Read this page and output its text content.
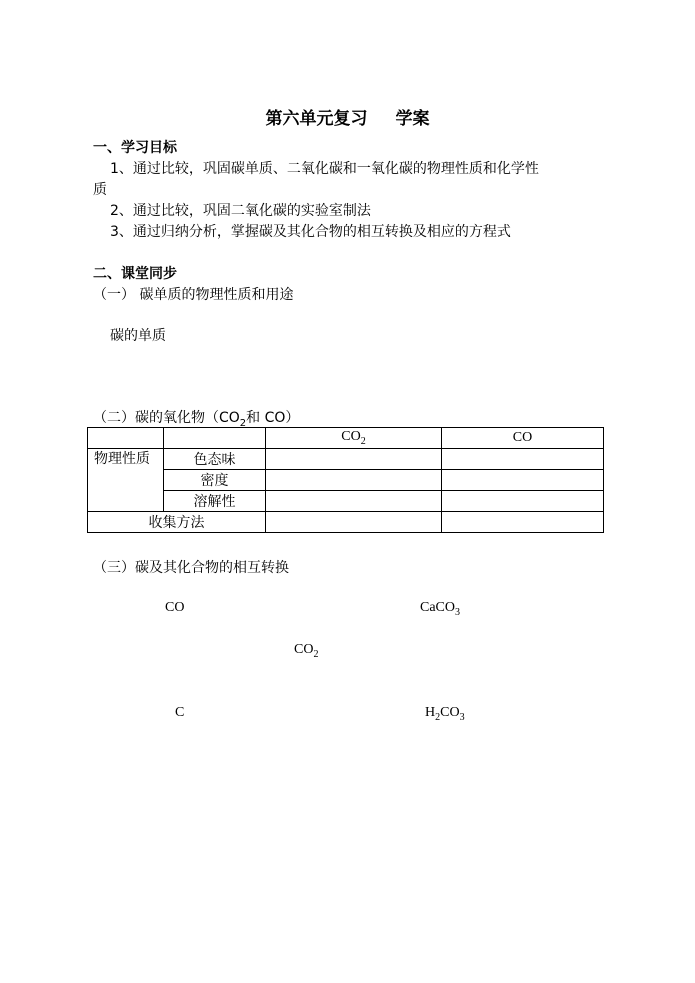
第六单元复习 学案
一、学习目标
1、通过比较，巩固碳单质、二氧化碳和一氧化碳的物理性质和化学性
质
2、通过比较，巩固二氧化碳的实验室制法
3、通过归纳分析，掌握碳及其化合物的相互转换及相应的方程式
二、课堂同步
（一） 碳单质的物理性质和用途
碳的单质
（二）碳的氧化物（$CO_2$和 CO）
		$CO_2$	CO
物理性质	色态味		
	密度		
	溶解性		
收集方法			
（三）碳及其化合物的相互转换
CO	CaCO$_3$
$CO_2$
C	$H_2CO_3$
